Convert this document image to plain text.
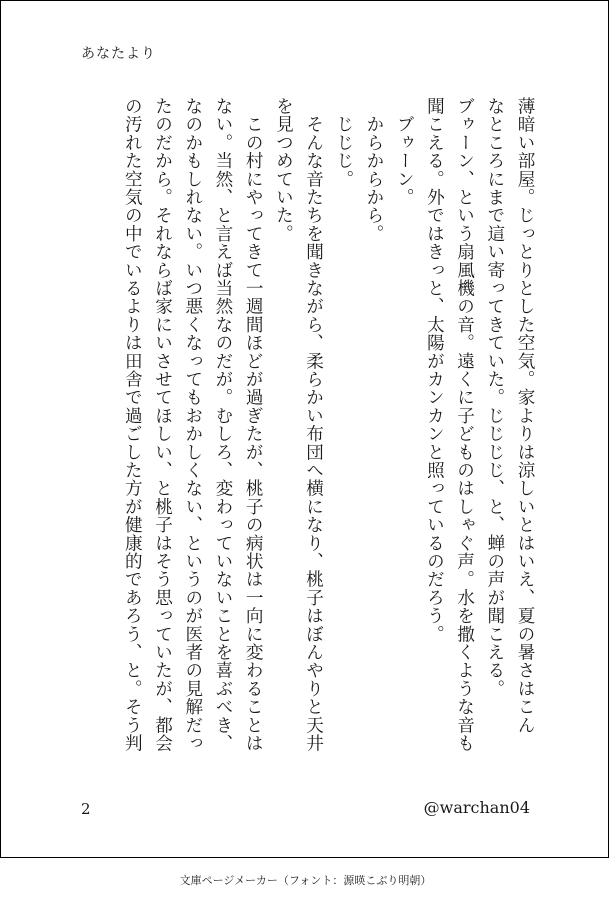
あなたより
薄暗い部屋。じっとりとした空気。家よりは涼しいとはいえ、夏の暑さはこん
なところにまで這い寄ってきていた。じじじじ、と、蝉の声が聞こえる。
ブゥーン、という扇風機の音。遠くに子どものはしゃぐ声。水を撒くような音も
聞こえる。外ではきっと、太陽がカンカンと照っているのだろう。
　ブゥーン。
　からからから。
　じじじ。
　そんな音たちを聞きながら、柔らかい布団へ横になり、桃子はぼんやりと天井
を見つめていた。
　この村にやってきて一週間ほどが過ぎたが、桃子の病状は一向に変わることは
ない。当然、と言えば当然なのだが。むしろ、変わっていないことを喜ぶべき、
なのかもしれない。いつ悪くなってもおかしくない、というのが医者の見解だっ
たのだから。それならば家にいさせてほしい、と桃子はそう思っていたが、都会
の汚れた空気の中でいるよりは田舎で過ごした方が健康的であろう、と。そう判
2	@warchan04
文庫ページメーカー（フォント：源暎こぶり明朝）
